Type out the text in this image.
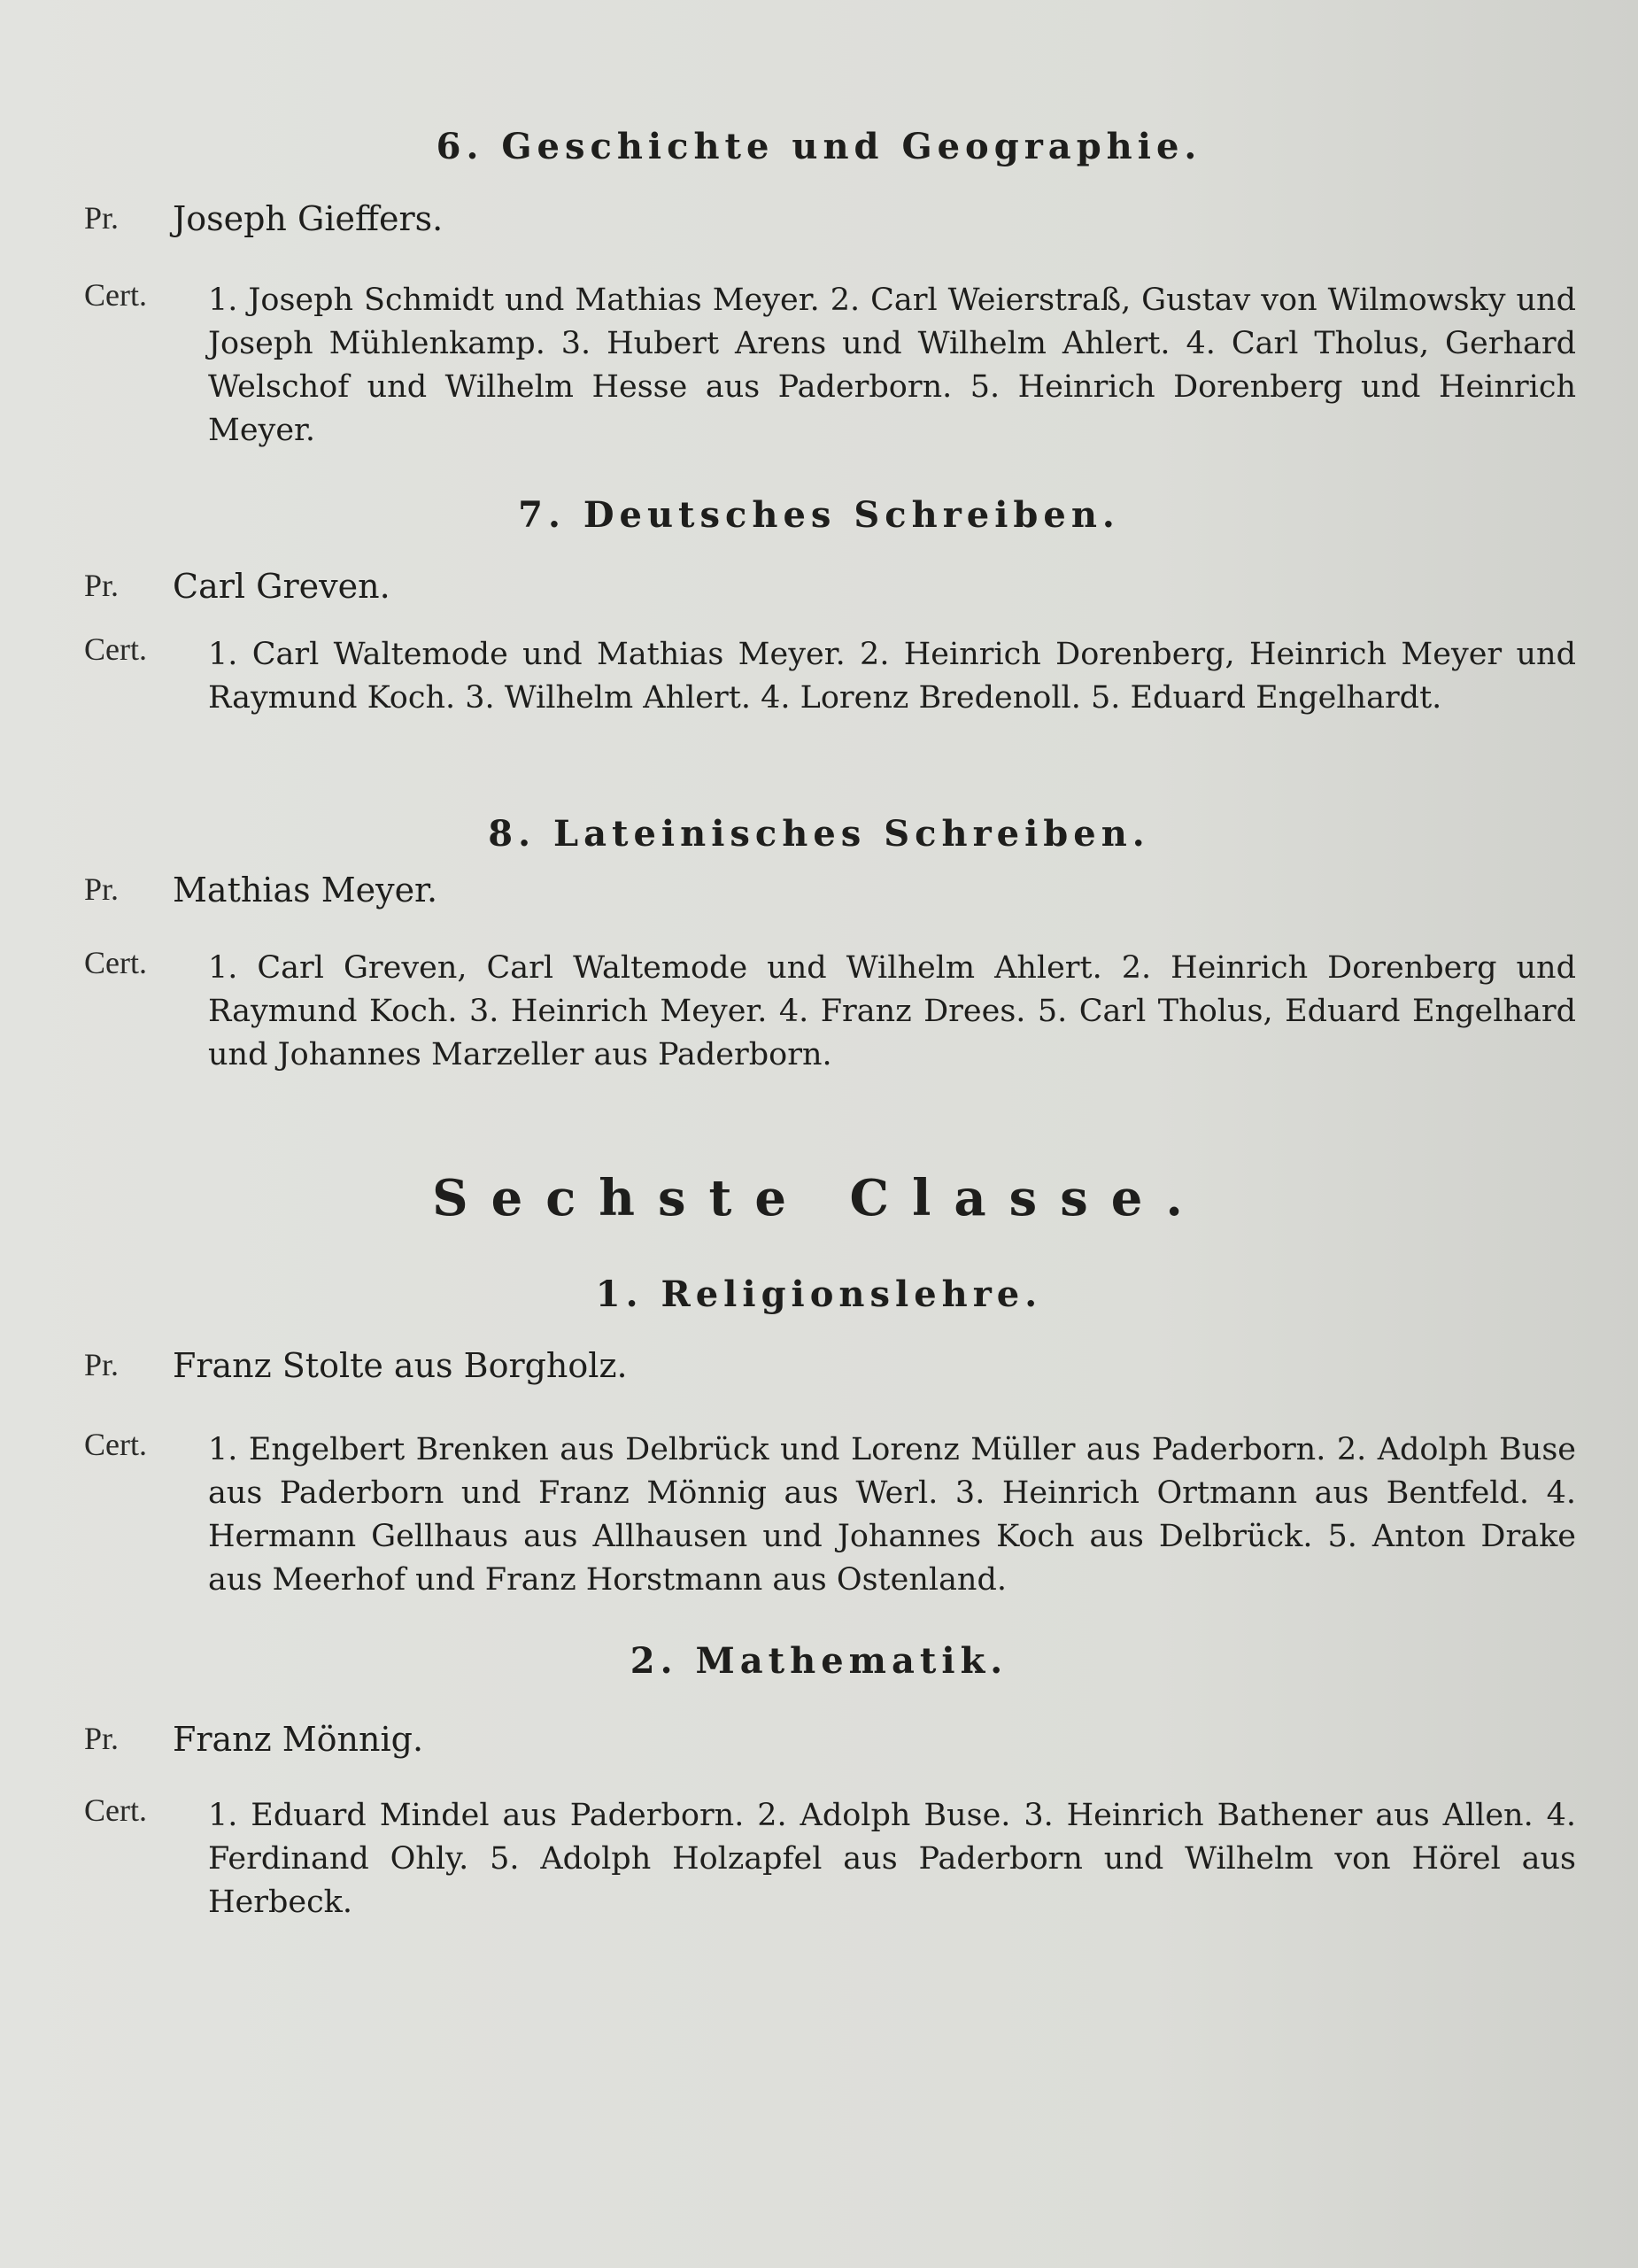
6. Geschichte und Geographie.
Pr. Joseph Gieffers.
Cert. 1. Joseph Schmidt und Mathias Meyer. 2. Carl Weierstraß, Gustav von Wilmowsky und Joseph Mühlenkamp. 3. Hubert Arens und Wilhelm Ahlert. 4. Carl Tholus, Gerhard Welschof und Wilhelm Hesse aus Paderborn. 5. Heinrich Dorenberg und Heinrich Meyer.
7. Deutsches Schreiben.
Pr. Carl Greven.
Cert. 1. Carl Waltemode und Mathias Meyer. 2. Heinrich Dorenberg, Heinrich Meyer und Raymund Koch. 3. Wilhelm Ahlert. 4. Lorenz Bredenoll. 5. Eduard Engelhardt.
8. Lateinisches Schreiben.
Pr. Mathias Meyer.
Cert. 1. Carl Greven, Carl Waltemode und Wilhelm Ahlert. 2. Heinrich Dorenberg und Raymund Koch. 3. Heinrich Meyer. 4. Franz Drees. 5. Carl Tholus, Eduard Engelhard und Johannes Marzeller aus Paderborn.
Sechste Classe.
1. Religionslehre.
Pr. Franz Stolte aus Borgholz.
Cert. 1. Engelbert Brenken aus Delbrück und Lorenz Müller aus Paderborn. 2. Adolph Buse aus Paderborn und Franz Mönnig aus Werl. 3. Heinrich Ortmann aus Bentfeld. 4. Hermann Gellhaus aus Allhausen und Johannes Koch aus Delbrück. 5. Anton Drake aus Meerhof und Franz Horstmann aus Ostenland.
2. Mathematik.
Pr. Franz Mönnig.
Cert. 1. Eduard Mindel aus Paderborn. 2. Adolph Buse. 3. Heinrich Bathener aus Allen. 4. Ferdinand Ohly. 5. Adolph Holzapfel aus Paderborn und Wilhelm von Hörel aus Herbeck.
